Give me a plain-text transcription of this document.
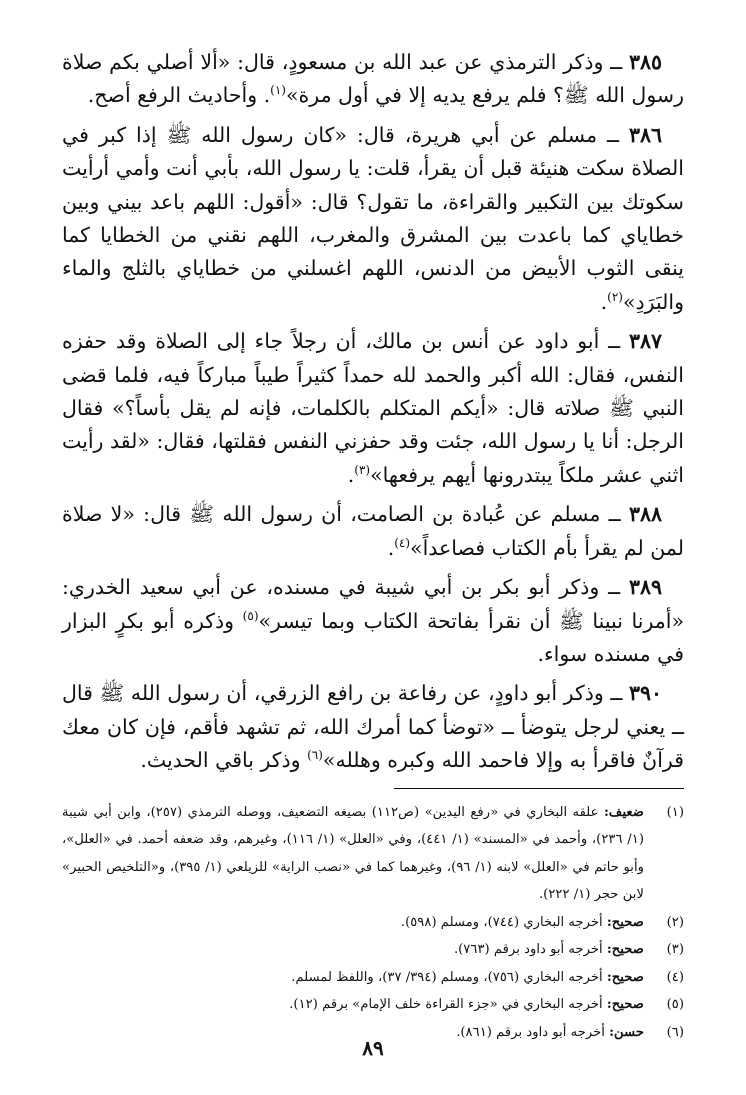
٣٨٥ ــ وذكر الترمذي عن عبد الله بن مسعودٍ، قال: «ألا أصلي بكم صلاة رسول الله ﷺ؟ فلم يرفع يديه إلا في أول مرة»$^{(١)}$. وأحاديث الرفع أصح.

٣٨٦ ــ مسلم عن أبي هريرة، قال: «كان رسول الله ﷺ إذا كبر في الصلاة سكت هنيئة قبل أن يقرأ، قلت: يا رسول الله، بأبي أنت وأمي أرأيت سكوتك بين التكبير والقراءة، ما تقول؟ قال: «أقول: اللهم باعد بيني وبين خطاياي كما باعدت بين المشرق والمغرب، اللهم نقني من الخطايا كما ينقى الثوب الأبيض من الدنس، اللهم اغسلني من خطاياي بالثلج والماء والبَرَدِ»$^{(٢)}$.

٣٨٧ ــ أبو داود عن أنس بن مالك، أن رجلاً جاء إلى الصلاة وقد حفزه النفس، فقال: الله أكبر والحمد لله حمداً كثيراً طيباً مباركاً فيه، فلما قضى النبي ﷺ صلاته قال: «أيكم المتكلم بالكلمات، فإنه لم يقل بأساً؟» فقال الرجل: أنا يا رسول الله، جئت وقد حفزني النفس فقلتها، فقال: «لقد رأيت اثني عشر ملكاً يبتدرونها أيهم يرفعها»$^{(٣)}$.

٣٨٨ ــ مسلم عن عُبادة بن الصامت، أن رسول الله ﷺ قال: «لا صلاة لمن لم يقرأ بأم الكتاب فصاعداً»$^{(٤)}$.

٣٨٩ ــ وذكر أبو بكر بن أبي شيبة في مسنده، عن أبي سعيد الخدري: «أمرنا نبينا ﷺ أن نقرأ بفاتحة الكتاب وبما تيسر»$^{(٥)}$ وذكره أبو بكرٍ البزار في مسنده سواء.

٣٩٠ ــ وذكر أبو داودٍ، عن رفاعة بن رافع الزرقي، أن رسول الله ﷺ قال ــ يعني لرجل يتوضأ ــ «توضأ كما أمرك الله، ثم تشهد فأقم، فإن كان معك قرآنٌ فاقرأ به وإلا فاحمد الله وكبره وهلله»$^{(٦)}$ وذكر باقي الحديث.

(١)
ضعيف: علقه البخاري في «رفع اليدين» (ص١١٢) بصيغه التضعيف، ووصله الترمذي (٢٥٧)، وابن أبي شيبة (١/ ٢٣٦)، وأحمد في «المسند» (١/ ٤٤١)، وفي «العلل» (١/ ١١٦)، وغيرهم، وقد ضعفه أحمد. في «العلل»، وأبو حاتم في «العلل» لابنه (١/ ٩٦)، وغيرهما كما في «نصب الراية» للزيلعي (١/ ٣٩٥)، و«التلخيص الحبير» لابن حجر (١/ ٢٢٢).

(٢)
صحيح: أخرجه البخاري (٧٤٤)، ومسلم (٥٩٨).

(٣)
صحيح: أخرجه أبو داود برقم (٧٦٣).

(٤)
صحيح: أخرجه البخاري (٧٥٦)، ومسلم (٣٩٤/ ٣٧)، واللفظ لمسلم.

(٥)
صحيح: أخرجه البخاري في «جزء القراءة خلف الإمام» برقم (١٢).

(٦)
حسن: أخرجه أبو داود برقم (٨٦١).

٨٩
